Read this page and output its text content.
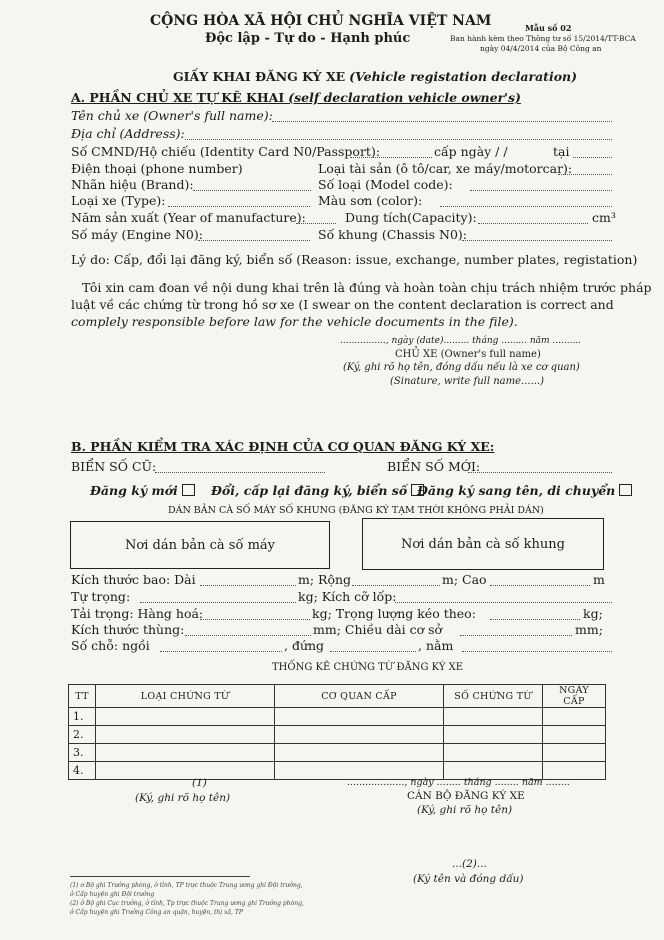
CỘNG HÒA XÃ HỘI CHỦ NGHĨA VIỆT NAM
Độc lập - Tự do - Hạnh phúc
Mẫu số 02
Ban hành kèm theo Thông tư số 15/2014/TT-BCA
ngày 04/4/2014 của Bộ Công an
GIẤY KHAI ĐĂNG KÝ XE (Vehicle registation declaration)
A. PHẦN CHỦ XE TỰ KÊ KHAI (self declaration vehicle owner's)
Tên chủ xe (Owner's full name):
Địa chỉ (Address):
Số CMND/Hộ chiếu (Identity Card N0/Passport):	cấp ngày / /	tại
Điện thoại (phone number)	Loại tài sản (ô tô/car, xe máy/motorcar):
Nhãn hiệu (Brand):	Số loại (Model code):
Loại xe (Type):	Màu sơn (color):
Năm sản xuất (Year of manufacture):	Dung tích(Capacity):	cm³
Số máy (Engine N0):	Số khung (Chassis N0):
Lý do: Cấp, đổi lại đăng ký, biển số (Reason: issue, exchange, number plates, registation)
Tôi xin cam đoan về nội dung khai trên là đúng và hoàn toàn chịu trách nhiệm trước pháp
luật về các chứng từ trong hồ sơ xe (I swear on the content declaration is correct and
complely responsible before law for the vehicle documents in the file).
................, ngày (date)......... tháng ......... năm ..........
CHỦ XE (Owner's full name)
(Ký, ghi rõ họ tên, đóng dấu nếu là xe cơ quan)
(Sinature, write full name......)
B. PHẦN KIỂM TRA XÁC ĐỊNH CỦA CƠ QUAN ĐĂNG KÝ XE:
BIỂN SỐ CŨ:	BIỂN SỐ MỚI:
Đăng ký mới	Đổi, cấp lại đăng ký, biển số Đăng ký sang tên, di chuyển
DÁN BẢN CÀ SỐ MÁY SỐ KHUNG (ĐĂNG KÝ TẠM THỜI KHÔNG PHẢI DÁN)
Nơi dán bản cà số máy	Nơi dán bản cà số khung
Kích thước bao: Dài	m; Rộng	m; Cao	m
Tự trọng:	kg; Kích cỡ lốp:
Tải trọng: Hàng hoá:	kg; Trọng lượng kéo theo:	kg;
Kích thước thùng:	mm; Chiều dài cơ sở	mm;
Số chỗ: ngồi	, đứng	, nằm
THỐNG KÊ CHỨNG TỪ ĐĂNG KÝ XE
TT	LOẠI CHỨNG TỪ	CƠ QUAN CẤP	SỐ CHỨNG TỪ	NGÀY CẤP
1.				
2.				
3.				
4.				
(1)
(Ký, ghi rõ họ tên)
..................., ngày ........ tháng ........ năm ........
CÁN BỘ ĐĂNG KÝ XE
(Ký, ghi rõ họ tên)
...(2)...
(Ký tên và đóng dấu)
(1) ơ Bộ ghi Trưởng phòng, ở tỉnh, TP trực thuộc Trung ương ghi Đội trưởng,
ở Cấp huyện ghi Đội trưởng
(2) ở Bộ ghi Cục trưởng, ở tỉnh, Tp trực thuộc Trung ương ghi Trưởng phòng,
ở Cấp huyện ghi Trưởng Công an quận, huyện, thị xã, TP
